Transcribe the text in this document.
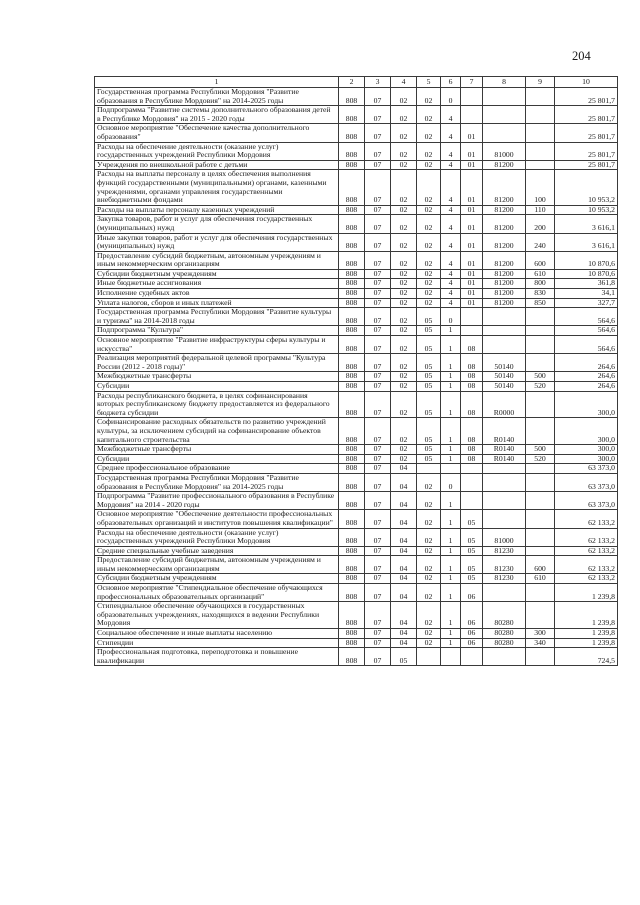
204
1	2	3	4	5	6	7	8	9	10
Государственная программа Республики Мордовия "Развитие образования в Республике Мордовия" на 2014-2025 годы	808	07	02	02	0				25 801,7
Подпрограмма "Развитие системы дополнительного образования детей в Республике Мордовия" на 2015 - 2020 годы	808	07	02	02	4				25 801,7
Основное мероприятие "Обеспечение качества дополнительного образования"	808	07	02	02	4	01			25 801,7
Расходы на обеспечение деятельности (оказание услуг) государственных учреждений Республики Мордовия	808	07	02	02	4	01	81000		25 801,7
Учреждения по внешкольной работе с детьми	808	07	02	02	4	01	81200		25 801,7
Расходы на выплаты персоналу в целях обеспечения выполнения функций государственными (муниципальными) органами, казенными учреждениями, органами управления государственными внебюджетными фондами	808	07	02	02	4	01	81200	100	10 953,2
Расходы на выплаты персоналу казенных учреждений	808	07	02	02	4	01	81200	110	10 953,2
Закупка товаров, работ и услуг для обеспечения государственных (муниципальных) нужд	808	07	02	02	4	01	81200	200	3 616,1
Иные закупки товаров, работ и услуг для обеспечения государственных (муниципальных) нужд	808	07	02	02	4	01	81200	240	3 616,1
Предоставление субсидий бюджетным, автономным учреждениям и иным некоммерческим организациям	808	07	02	02	4	01	81200	600	10 870,6
Субсидии бюджетным учреждениям	808	07	02	02	4	01	81200	610	10 870,6
Иные бюджетные ассигнования	808	07	02	02	4	01	81200	800	361,8
Исполнение судебных актов	808	07	02	02	4	01	81200	830	34,1
Уплата налогов, сборов и иных платежей	808	07	02	02	4	01	81200	850	327,7
Государственная программа Республики Мордовия "Развитие культуры и туризма" на 2014-2018 годы	808	07	02	05	0				564,6
Подпрограмма "Культура"	808	07	02	05	1				564,6
Основное мероприятие "Развитие инфраструктуры сферы культуры и искусства"	808	07	02	05	1	08			564,6
Реализация мероприятий федеральной целевой программы "Культура России (2012 - 2018 годы)"	808	07	02	05	1	08	50140		264,6
Межбюджетные трансферты	808	07	02	05	1	08	50140	500	264,6
Субсидии	808	07	02	05	1	08	50140	520	264,6
Расходы республиканского бюджета, в целях софинансирования которых республиканскому бюджету предоставляется из федерального бюджета субсидии	808	07	02	05	1	08	R0000		300,0
Софинансирование расходных обязательств по развитию учреждений культуры, за исключением субсидий на софинансирование объектов капитального строительства	808	07	02	05	1	08	R0140		300,0
Межбюджетные трансферты	808	07	02	05	1	08	R0140	500	300,0
Субсидии	808	07	02	05	1	08	R0140	520	300,0
Среднее профессиональное образование	808	07	04						63 373,0
Государственная программа Республики Мордовия "Развитие образования в Республике Мордовия" на 2014-2025 годы	808	07	04	02	0				63 373,0
Подпрограмма "Развитие профессионального образования в Республике Мордовия" на 2014 - 2020 годы	808	07	04	02	1				63 373,0
Основное мероприятие "Обеспечение деятельности профессиональных образовательных организаций и институтов повышения квалификации"	808	07	04	02	1	05			62 133,2
Расходы на обеспечение деятельности (оказание услуг) государственных учреждений Республики Мордовия	808	07	04	02	1	05	81000		62 133,2
Средние специальные учебные заведения	808	07	04	02	1	05	81230		62 133,2
Предоставление субсидий бюджетным, автономным учреждениям и иным некоммерческим организациям	808	07	04	02	1	05	81230	600	62 133,2
Субсидии бюджетным учреждениям	808	07	04	02	1	05	81230	610	62 133,2
Основное мероприятие "Стипендиальное обеспечение обучающихся профессиональных образовательных организаций"	808	07	04	02	1	06			1 239,8
Стипендиальное обеспечение обучающихся в государственных образовательных учреждениях, находящихся в ведении Республики Мордовия	808	07	04	02	1	06	80280		1 239,8
Социальное обеспечение и иные выплаты населению	808	07	04	02	1	06	80280	300	1 239,8
Стипендии	808	07	04	02	1	06	80280	340	1 239,8
Профессиональная подготовка, переподготовка и повышение квалификации	808	07	05						724,5
